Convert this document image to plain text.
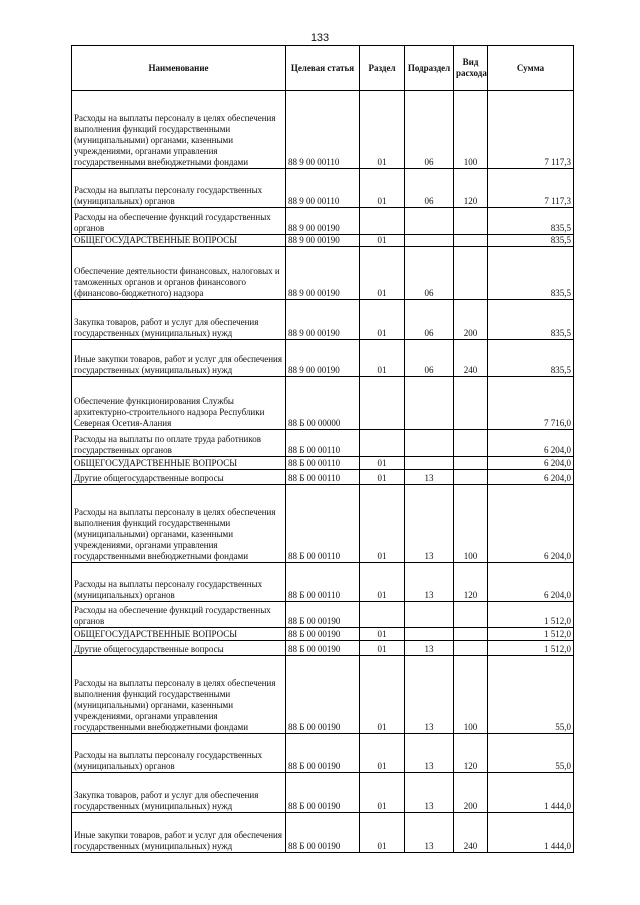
133
Наименование	Целевая статья	Раздел	Подраздел	Вид расхода	Сумма

Расходы на выплаты персоналу в целях обеспечения выполнения функций государственными (муниципальными) органами, казенными учреждениями, органами управления государственными внебюджетными фондами	88 9 00 00110	01	06	100	7 117,3

Расходы на выплаты персоналу государственных (муниципальных) органов	88 9 00 00110	01	06	120	7 117,3

Расходы на обеспечение функций государственных органов	88 9 00 00190				835,5

ОБЩЕГОСУДАРСТВЕННЫЕ ВОПРОСЫ	88 9 00 00190	01			835,5

Обеспечение деятельности финансовых, налоговых и таможенных органов и органов финансового (финансово-бюджетного) надзора	88 9 00 00190	01	06		835,5

Закупка товаров, работ и услуг для обеспечения государственных (муниципальных) нужд	88 9 00 00190	01	06	200	835,5

Иные закупки товаров, работ и услуг для обеспечения государственных (муниципальных) нужд	88 9 00 00190	01	06	240	835,5

Обеспечение функционирования Службы архитектурно-строительного надзора Республики Северная Осетия-Алания	88 Б 00 00000				7 716,0

Расходы на выплаты по оплате труда работников государственных органов	88 Б 00 00110				6 204,0

ОБЩЕГОСУДАРСТВЕННЫЕ ВОПРОСЫ	88 Б 00 00110	01			6 204,0

Другие общегосударственные вопросы	88 Б 00 00110	01	13		6 204,0

Расходы на выплаты персоналу в целях обеспечения выполнения функций государственными (муниципальными) органами, казенными учреждениями, органами управления государственными внебюджетными фондами	88 Б 00 00110	01	13	100	6 204,0

Расходы на выплаты персоналу государственных (муниципальных) органов	88 Б 00 00110	01	13	120	6 204,0

Расходы на обеспечение функций государственных органов	88 Б 00 00190				1 512,0

ОБЩЕГОСУДАРСТВЕННЫЕ ВОПРОСЫ	88 Б 00 00190	01			1 512,0

Другие общегосударственные вопросы	88 Б 00 00190	01	13		1 512,0

Расходы на выплаты персоналу в целях обеспечения выполнения функций государственными (муниципальными) органами, казенными учреждениями, органами управления государственными внебюджетными фондами	88 Б 00 00190	01	13	100	55,0

Расходы на выплаты персоналу государственных (муниципальных) органов	88 Б 00 00190	01	13	120	55,0

Закупка товаров, работ и услуг для обеспечения государственных (муниципальных) нужд	88 Б 00 00190	01	13	200	1 444,0

Иные закупки товаров, работ и услуг для обеспечения государственных (муниципальных) нужд	88 Б 00 00190	01	13	240	1 444,0
